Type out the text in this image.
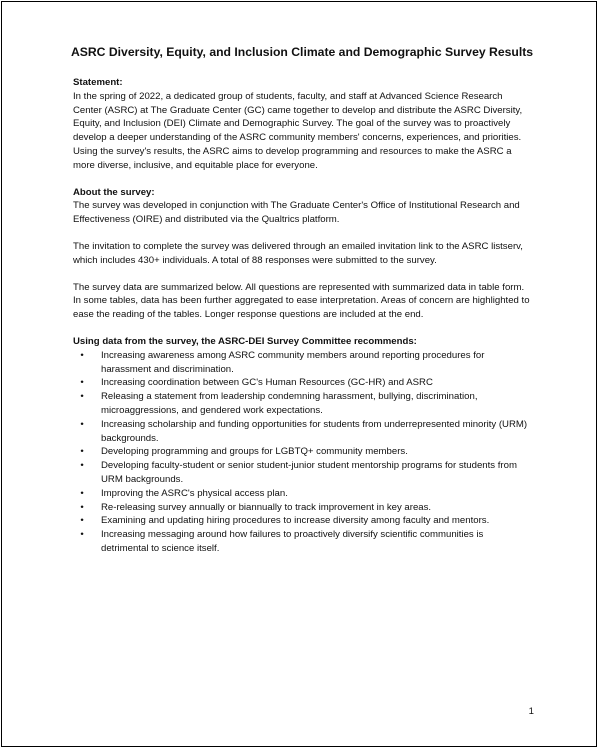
ASRC Diversity, Equity, and Inclusion Climate and Demographic Survey Results

Statement:

In the spring of 2022, a dedicated group of students, faculty, and staff at Advanced Science Research Center (ASRC) at The Graduate Center (GC) came together to develop and distribute the ASRC Diversity, Equity, and Inclusion (DEI) Climate and Demographic Survey. The goal of the survey was to proactively develop a deeper understanding of the ASRC community members' concerns, experiences, and priorities. Using the survey's results, the ASRC aims to develop programming and resources to make the ASRC a more diverse, inclusive, and equitable place for everyone.

About the survey:

The survey was developed in conjunction with The Graduate Center's Office of Institutional Research and Effectiveness (OIRE) and distributed via the Qualtrics platform.

The invitation to complete the survey was delivered through an emailed invitation link to the ASRC listserv, which includes 430+ individuals. A total of 88 responses were submitted to the survey.

The survey data are summarized below. All questions are represented with summarized data in table form. In some tables, data has been further aggregated to ease interpretation. Areas of concern are highlighted to ease the reading of the tables. Longer response questions are included at the end.

Using data from the survey, the ASRC-DEI Survey Committee recommends:

•	Increasing awareness among ASRC community members around reporting procedures for harassment and discrimination.
•	Increasing coordination between GC's Human Resources (GC-HR) and ASRC
•	Releasing a statement from leadership condemning harassment, bullying, discrimination, microaggressions, and gendered work expectations.
•	Increasing scholarship and funding opportunities for students from underrepresented minority (URM) backgrounds.
•	Developing programming and groups for LGBTQ+ community members.
•	Developing faculty-student or senior student-junior student mentorship programs for students from URM backgrounds.
•	Improving the ASRC's physical access plan.
•	Re-releasing survey annually or biannually to track improvement in key areas.
•	Examining and updating hiring procedures to increase diversity among faculty and mentors.
•	Increasing messaging around how failures to proactively diversify scientific communities is detrimental to science itself.
1
